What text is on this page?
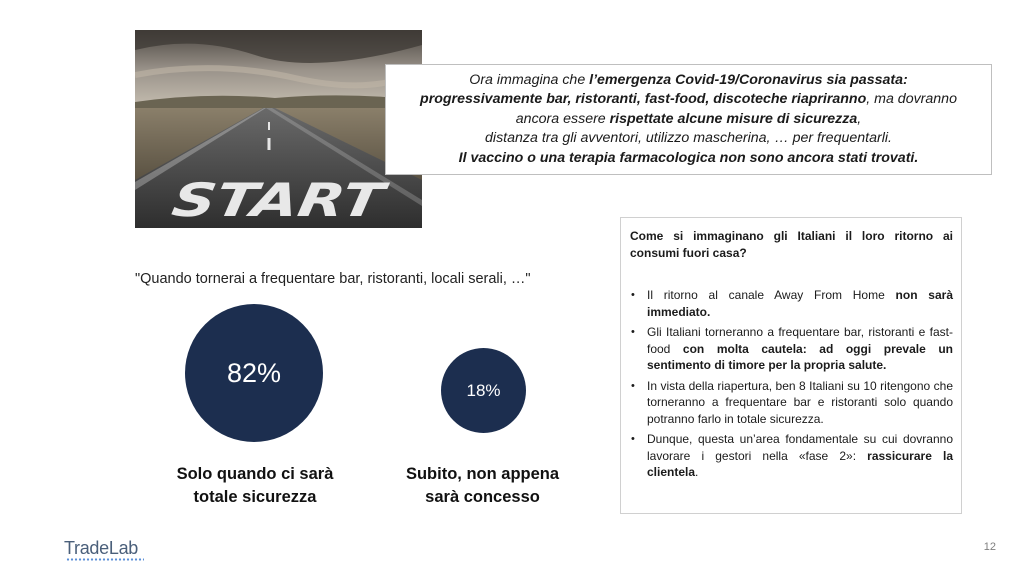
START
Ora immagina che l’emergenza Covid-19/Coronavirus sia passata:
progressivamente bar, ristoranti, fast-food, discoteche riapriranno, ma dovranno
ancora essere rispettate alcune misure di sicurezza,
distanza tra gli avventori, utilizzo mascherina, … per frequentarli.
Il vaccino o una terapia farmacologica non sono ancora stati trovati.
"Quando tornerai a frequentare bar, ristoranti, locali serali, …"
82%
Solo quando ci sarà
totale sicurezza
18%
Subito, non appena
sarà concesso
Come si immaginano gli Italiani il loro ritorno ai consumi fuori casa?
• Il ritorno al canale Away From Home non sarà immediato.
• Gli Italiani torneranno a frequentare bar, ristoranti e fast-food con molta cautela: ad oggi prevale un sentimento di timore per la propria salute.
• In vista della riapertura, ben 8 Italiani su 10 ritengono che torneranno a frequentare bar e ristoranti solo quando potranno farlo in totale sicurezza.
• Dunque, questa un’area fondamentale su cui dovranno lavorare i gestori nella «fase 2»: rassicurare la clientela.
TradeLab	12
